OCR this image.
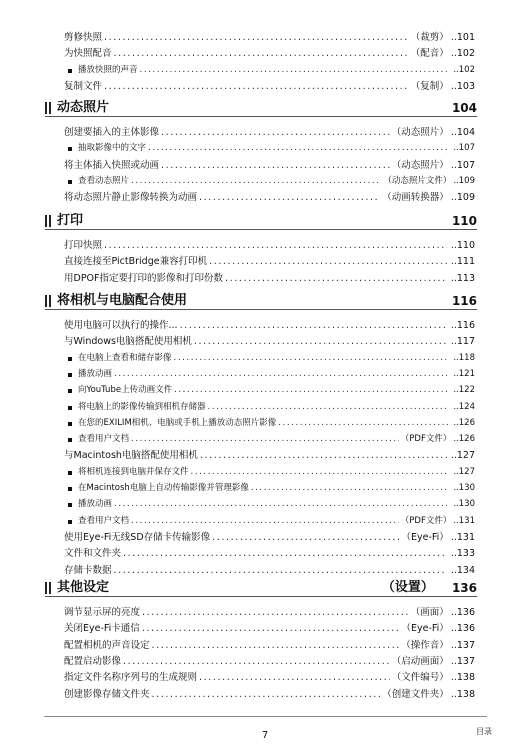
剪修快照 .....	（裁剪） ..101
为快照配音 .....	（配音） ..102
播放快照的声音 .....	..102
复制文件 .....	（复制） ..103
动态照片	104
创建要插入的主体影像 .....	（动态照片） ..104
抽取影像中的文字 .....	..107
将主体插入快照或动画 .....	（动态照片） ..107
查看动态照片 .....	（动态照片文件） ..109
将动态照片静止影像转换为动画 .....	（动画转换器） ..109
打印	110
打印快照 .....	..110
直接连接至PictBridge兼容打印机 .....	..111
用DPOF指定要打印的影像和打印份数 .....	..113
将相机与电脑配合使用	116
使用电脑可以执行的操作... .....	..116
与Windows电脑搭配使用相机 .....	..117
在电脑上查看和储存影像 .....	..118
播放动画 .....	..121
向YouTube上传动画文件 .....	..122
将电脑上的影像传输到相机存储器 .....	..124
在您的EXILIM相机、电脑或手机上播放动态照片影像 .....	..126
查看用户文档 .....	（PDF文件） ..126
与Macintosh电脑搭配使用相机 .....	..127
将相机连接到电脑并保存文件 .....	..127
在Macintosh电脑上自动传输影像并管理影像 .....	..130
播放动画 .....	..130
查看用户文档 .....	（PDF文件） ..131
使用Eye-Fi无线SD存储卡传输影像 .....	（Eye-Fi） ..131
文件和文件夹 .....	..133
存储卡数据 .....	..134
其他设定	（设置） 136
调节显示屏的亮度 .....	（画面） ..136
关闭Eye-Fi卡通信 .....	（Eye-Fi） ..136
配置相机的声音设定 .....	（操作音） ..137
配置启动影像 .....	（启动画面） ..137
指定文件名称序列号的生成规则 .....	（文件编号） ..138
创建影像存储文件夹 .....	（创建文件夹） ..138
7	目录
